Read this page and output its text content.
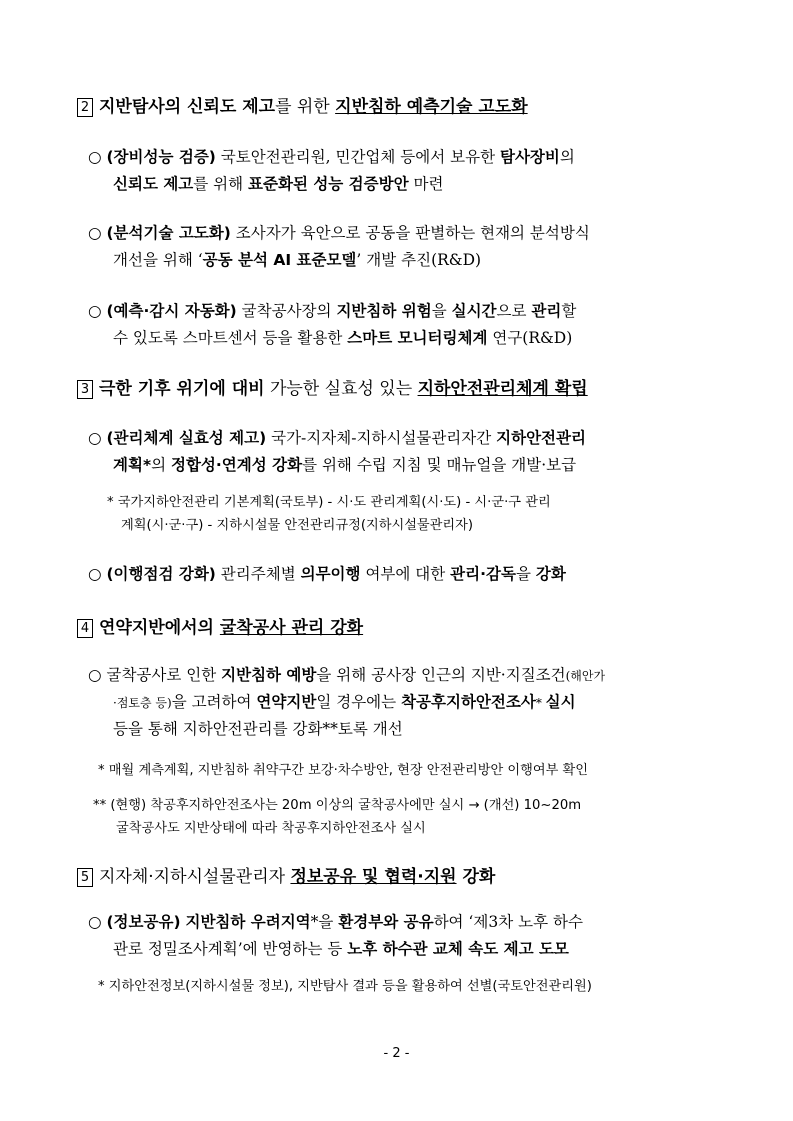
2 지반탐사의 신뢰도 제고를 위한 지반침하 예측기술 고도화
○ (장비성능 검증) 국토안전관리원, 민간업체 등에서 보유한 탐사장비의
신뢰도 제고를 위해 표준화된 성능 검증방안 마련
○ (분석기술 고도화) 조사자가 육안으로 공동을 판별하는 현재의 분석방식
개선을 위해 ‘공동 분석 AI 표준모델’ 개발 추진(R&D)
○ (예측·감시 자동화) 굴착공사장의 지반침하 위험을 실시간으로 관리할
수 있도록 스마트센서 등을 활용한 스마트 모니터링체계 연구(R&D)
3 극한 기후 위기에 대비 가능한 실효성 있는 지하안전관리체계 확립
○ (관리체계 실효성 제고) 국가-지자체-지하시설물관리자간 지하안전관리
계획*의 정합성·연계성 강화를 위해 수립 지침 및 매뉴얼을 개발·보급
* 국가지하안전관리 기본계획(국토부) - 시·도 관리계획(시·도) - 시·군·구 관리
계획(시·군·구) - 지하시설물 안전관리규정(지하시설물관리자)
○ (이행점검 강화) 관리주체별 의무이행 여부에 대한 관리·감독을 강화
4 연약지반에서의 굴착공사 관리 강화
○ 굴착공사로 인한 지반침하 예방을 위해 공사장 인근의 지반·지질조건(해안가
·점토층 등)을 고려하여 연약지반일 경우에는 착공후지하안전조사* 실시
등을 통해 지하안전관리를 강화**토록 개선
* 매월 계측계획, 지반침하 취약구간 보강·차수방안, 현장 안전관리방안 이행여부 확인
** (현행) 착공후지하안전조사는 20m 이상의 굴착공사에만 실시 → (개선) 10~20m
굴착공사도 지반상태에 따라 착공후지하안전조사 실시
5 지자체·지하시설물관리자 정보공유 및 협력·지원 강화
○ (정보공유) 지반침하 우려지역*을 환경부와 공유하여 ‘제3차 노후 하수
관로 정밀조사계획’에 반영하는 등 노후 하수관 교체 속도 제고 도모
* 지하안전정보(지하시설물 정보), 지반탐사 결과 등을 활용하여 선별(국토안전관리원)
- 2 -
